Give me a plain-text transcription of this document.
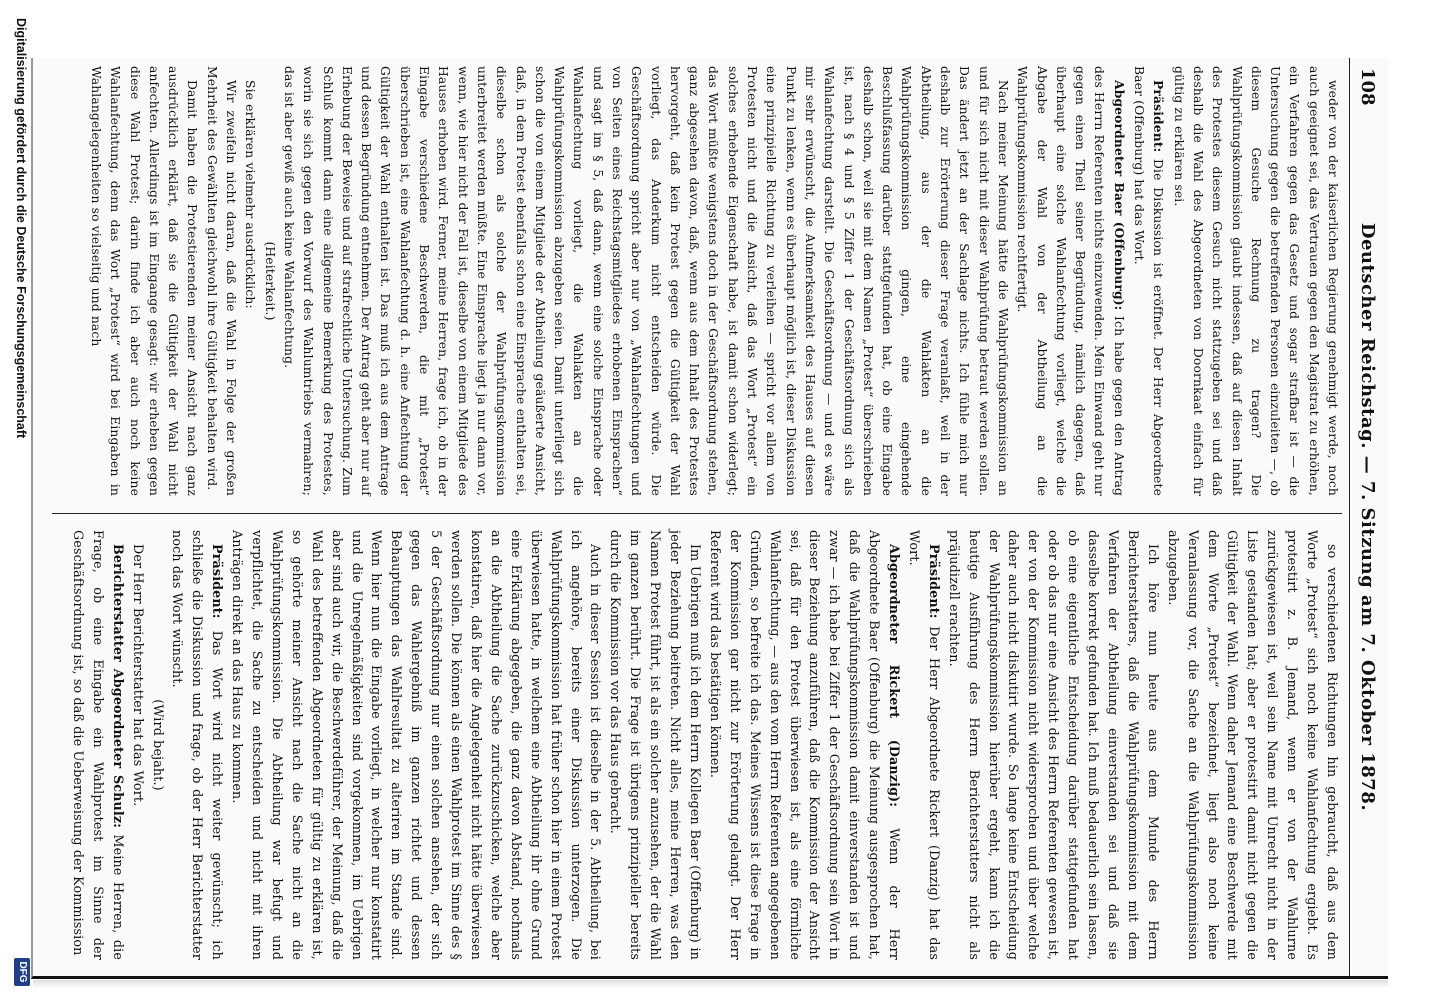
108
Deutscher Reichstag. — 7. Sitzung am 7. Oktober 1878.

weder von der kaiserlichen Regierung genehmigt werde, noch auch geeignet sei, das Vertrauen gegen den Magistrat zu erhöhen, ein Verfahren gegen das Gesetz und sogar strafbar ist — die Untersuchung gegen die betreffenden Personen einzuleiten —, ob diesem Gesuche Rechnung zu tragen? Die Wahlprüfungskommission glaubt indessen, daß auf diesen Inhalt des Protestes diesem Gesuch nicht stattzugeben sei und daß deshalb die Wahl des Abgeordneten von Doornkaat einfach für gültig zu erklären sei.

Präsident: Die Diskussion ist eröffnet. Der Herr Abgeordnete Baer (Offenburg) hat das Wort.

Abgeordneter Baer (Offenburg): Ich habe gegen den Antrag des Herrn Referenten nichts einzuwenden. Mein Einwand geht nur gegen einen Theil seiner Begründung, nämlich dagegen, daß überhaupt eine solche Wahlanfechtung vorliegt, welche die Abgabe der Wahl von der Abtheilung an die Wahlprüfungskommission rechtfertigt.

Nach meiner Meinung hätte die Wahlprüfungskommission an und für sich nicht mit dieser Wahlprüfung betraut werden sollen. Das ändert jetzt an der Sachlage nichts. Ich fühle mich nur deshalb zur Erörterung dieser Frage veranlaßt, weil in der Abtheilung, aus der die Wahlakten an die Wahlprüfungskommission gingen, eine eingehende Beschlußfassung darüber stattgefunden hat, ob eine Eingabe deshalb schon, weil sie mit dem Namen „Protest“ überschrieben ist, nach § 4 und § 5 Ziffer 1 der Geschäftsordnung sich als Wahlanfechtung darstellt. Die Geschäftsordnung — und es wäre mir sehr erwünscht, die Aufmerksamkeit des Hauses auf diesen Punkt zu lenken, wenn es überhaupt möglich ist, dieser Diskussion eine prinzipielle Richtung zu verleihen — spricht vor allem von Protesten nicht und die Ansicht, daß das Wort „Protest“ ein solches erhebende Eigenschaft habe, ist damit schon widerlegt; das Wort müßte wenigstens doch in der Geschäftsordnung stehen, ganz abgesehen davon, daß, wenn aus dem Inhalt des Protestes hervorgeht, daß kein Protest gegen die Gültigkeit der Wahl vorliegt, das Anderkum nicht entscheiden würde. Die Geschäftsordnung spricht aber nur von „Wahlanfechtungen und von Seiten eines Reichstagsmitgliedes erhobenen Einsprachen“ und sagt im § 5, daß dann, wenn eine solche Einsprache oder Wahlanfechtung vorliegt, die Wahlakten an die Wahlprüfungskommission abzugeben seien. Damit unterliegt sich schon die von einem Mitgliede der Abtheilung geäußerte Ansicht, daß, in dem Protest ebenfalls schon eine Einsprache enthalten sei, dieselbe schon als solche der Wahlprüfungskommission unterbreitet werden müßte. Eine Einsprache liegt ja nur dann vor, wenn, wie hier nicht der Fall ist, dieselbe von einem Mitgliede des Hauses erhoben wird. Ferner, meine Herren, frage ich, ob in der Eingabe verschiedene Beschwerden, die mit „Protest“ überschrieben ist, eine Wahlanfechtung d. h. eine Anfechtung der Gültigkeit der Wahl enthalten ist. Das muß ich aus dem Antrage und dessen Begründung entnehmen. Der Antrag geht aber nur auf Erhebung der Beweise und auf strafrechtliche Untersuchung. Zum Schluß kommt dann eine allgemeine Bemerkung des Protestes, worin sie sich gegen den Vorwurf des Wahlumtriebs vermahren; das ist aber gewiß auch keine Wahlanfechtung.

(Heiterkeit.)

Sie erklären vielmehr ausdrücklich:

Wir zweifeln nicht daran, daß die Wahl in Folge der großen Mehrheit des Gewählten gleichwohl ihre Gültigkeit behalten wird.

Damit haben die Protestierenden meiner Ansicht nach ganz ausdrücklich erklärt, daß sie die Gültigkeit der Wahl nicht anfechten. Allerdings ist im Eingange gesagt: wir erheben gegen diese Wahl Protest; darin finde ich aber auch noch keine Wahlanfechtung, denn das Wort „Protest“ wird bei Eingaben in Wahlangelegenheiten so vielseitig und nach

so verschiedenen Richtungen hin gebraucht, daß aus dem Worte „Protest“ sich noch keine Wahlanfechtung ergiebt. Es protestirt z. B. Jemand, wenn er von der Wahlurne zurückgewiesen ist, weil sein Name mit Unrecht nicht in der Liste gestanden hat; aber er protestirt damit nicht gegen die Gültigkeit der Wahl. Wenn daher Jemand eine Beschwerde mit dem Worte „Protest“ bezeichnet, liegt also noch keine Veranlassung vor, die Sache an die Wahlprüfungskommission abzugeben.

Ich höre nun heute aus dem Munde des Herrn Berichterstatters, daß die Wahlprüfungskommission mit dem Verfahren der Abtheilung einverstanden sei und daß sie dasselbe korrekt gefunden hat. Ich muß bedauerlich sein lassen, ob eine eigentliche Entscheidung darüber stattgefunden hat oder ob das nur eine Ansicht des Herrn Referenten gewesen ist, der von der Kommission nicht widersprochen und über welche daher auch nicht diskutirt wurde. So lange keine Entscheidung der Wahlprüfungskommission hierüber ergeht, kann ich die heutige Ausführung des Herrn Berichterstatters nicht als präjudizell erachten.

Präsident: Der Herr Abgeordnete Rickert (Danzig) hat das Wort.

Abgeordneter Rickert (Danzig): Wenn der Herr Abgeordnete Baer (Offenburg) die Meinung ausgesprochen hat, daß die Wahlprüfungskommission damit einverstanden ist und zwar — ich habe bei Ziffer 1 der Geschäftsordnung sein Wort in dieser Beziehung anzuführen, daß die Kommission der Ansicht sei, daß für den Protest überwiesen ist, als eine förmliche Wahlanfechtung, — aus den vom Herrn Referenten angegebenen Gründen, so befreite ich das. Meines Wissens ist diese Frage in der Kommission gar nicht zur Erörterung gelangt. Der Herr Referent wird das bestätigen können.

Im Uebrigen muß ich dem Herrn Kollegen Baer (Offenburg) in jeder Beziehung beitreten. Nicht alles, meine Herren, was den Namen Protest führt, ist als ein solcher anzusehen, der die Wahl im ganzen berührt. Die Frage ist übrigens prinzipieller bereits durch die Kommission vor das Haus gebracht.

Auch in dieser Session ist dieselbe in der 5. Abtheilung, bei ich angehöre, bereits einer Diskussion unterzogen. Die Wahlprüfungskommission hat früher schon hier in einem Protest überwiesen hatte, in welchem eine Abtheilung ihr ohne Grund eine Erklärung abgegeben, die ganz davon Abstand, nochmals an die Abtheilung die Sache zurückzuschicken, welche aber konstatiren, daß hier die Angelegenheit nicht hätte überwiesen werden sollen. Die können als einen Wahlprotest im Sinne des § 5 der Geschäftsordnung nur einen solchen ansehen, der sich gegen das Wahlergebniß im ganzen richtet und dessen Behauptungen das Wahlresultat zu alteriren im Stande sind. Wenn hier nun die Eingabe vorliegt, in welcher nur konstatirt und die Unregelmäßigkeiten sind vorgekommen, im Uebrigen aber sind auch wir, die Beschwerdeführer, der Meinung, daß die Wahl des betreffenden Abgeordneten für gültig zu erklären ist, so gehörte meiner Ansicht nach die Sache nicht an die Wahlprüfungskommission. Die Abtheilung war befugt und verpflichtet, die Sache zu entscheiden und nicht mit ihren Anträgen direkt an das Haus zu kommen.

Präsident: Das Wort wird nicht weiter gewünscht; ich schließe die Diskussion und frage, ob der Herr Berichterstatter noch das Wort wünscht.

(Wird bejaht.)

Der Herr Berichterstatter hat das Wort.

Berichterstatter Abgeordneter Schulz: Meine Herren, die Frage, ob eine Eingabe ein Wahlprotest im Sinne der Geschäftsordnung ist, so daß die Ueberweisung der Kommission

Digitalisierung gefördert durch die Deutsche Forschungsgemeinschaft
DFG
